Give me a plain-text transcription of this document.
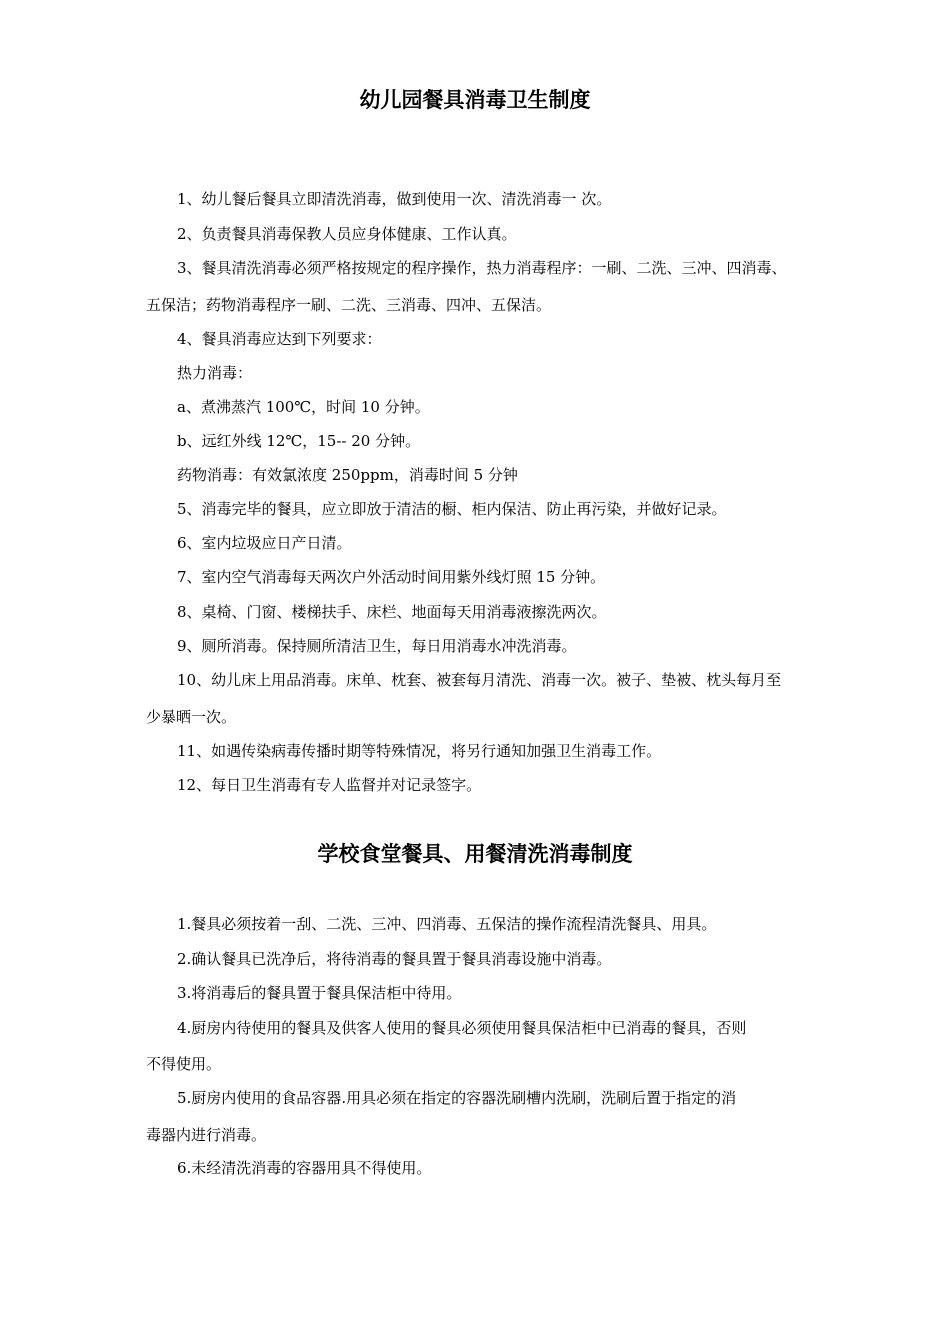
幼儿园餐具消毒卫生制度

1、幼儿餐后餐具立即清洗消毒，做到使用一次、清洗消毒一 次。

2、负责餐具消毒保教人员应身体健康、工作认真。

3、餐具清洗消毒必须严格按规定的程序操作，热力消毒程序：一刷、二洗、三冲、四消毒、

五保洁；药物消毒程序一刷、二洗、三消毒、四冲、五保洁。

4、餐具消毒应达到下列要求：

热力消毒：

a、煮沸蒸汽 100℃，时间 10 分钟。

b、远红外线 12℃，15-- 20 分钟。

药物消毒：有效氯浓度 250ppm，消毒时间 5 分钟

5、消毒完毕的餐具，应立即放于清洁的橱、柜内保洁、防止再污染，并做好记录。

6、室内垃圾应日产日清。

7、室内空气消毒每天两次户外活动时间用紫外线灯照 15 分钟。

8、桌椅、门窗、楼梯扶手、床栏、地面每天用消毒液擦洗两次。

9、厕所消毒。保持厕所清洁卫生，每日用消毒水冲洗消毒。

10、幼儿床上用品消毒。床单、枕套、被套每月清洗、消毒一次。被子、垫被、枕头每月至

少暴晒一次。

11、如遇传染病毒传播时期等特殊情况，将另行通知加强卫生消毒工作。

12、每日卫生消毒有专人监督并对记录签字。

学校食堂餐具、用餐清洗消毒制度

1.餐具必须按着一刮、二洗、三冲、四消毒、五保洁的操作流程清洗餐具、用具。

2.确认餐具已洗净后，将待消毒的餐具置于餐具消毒设施中消毒。

3.将消毒后的餐具置于餐具保洁柜中待用。

4.厨房内待使用的餐具及供客人使用的餐具必须使用餐具保洁柜中已消毒的餐具，否则

不得使用。

5.厨房内使用的食品容器.用具必须在指定的容器洗刷槽内洗刷，洗刷后置于指定的消

毒器内进行消毒。

6.未经清洗消毒的容器用具不得使用。
